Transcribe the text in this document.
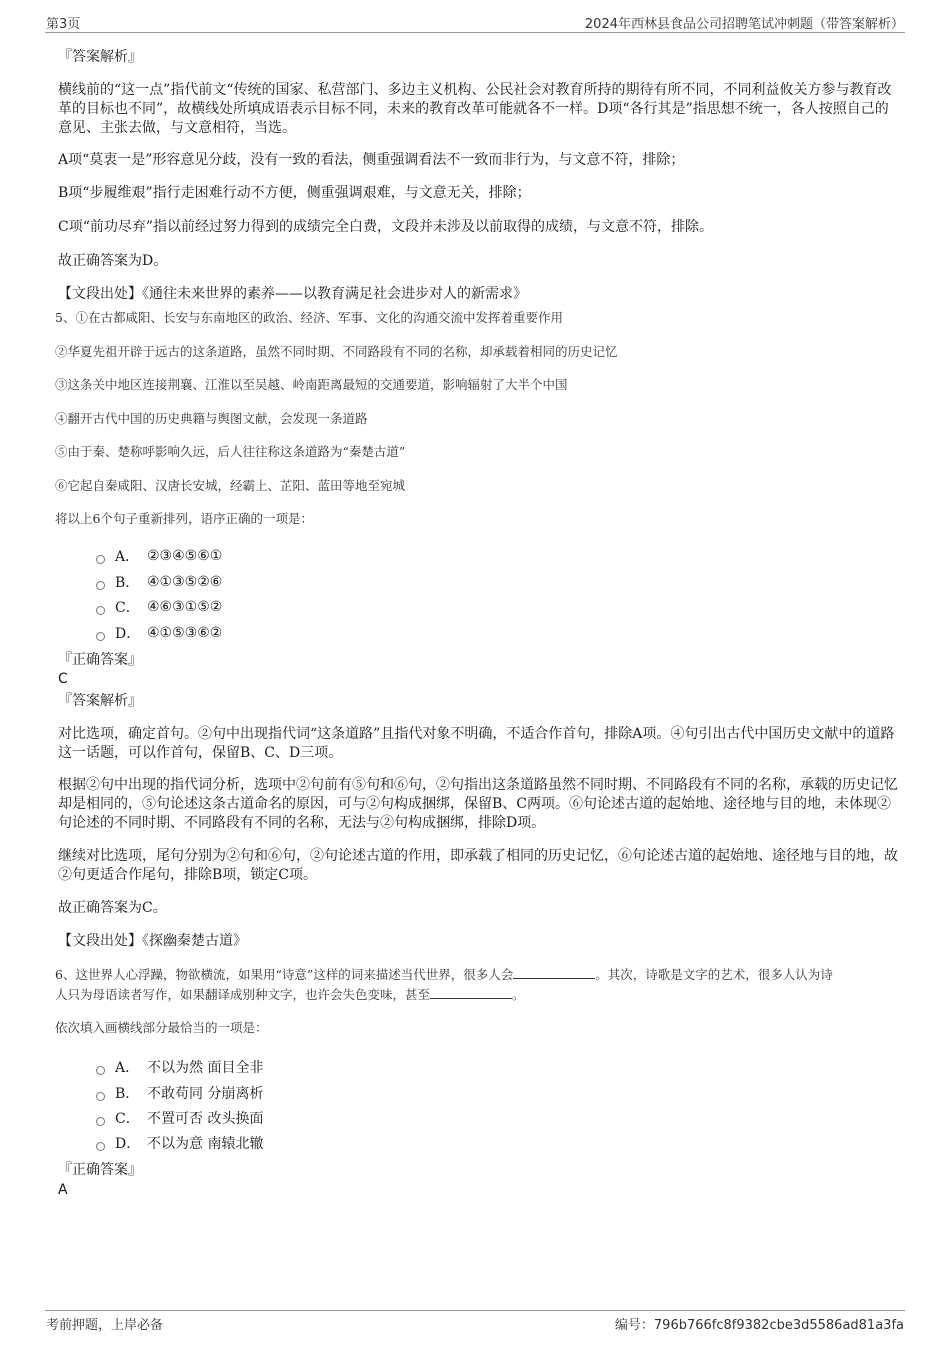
第3页	2024年西林县食品公司招聘笔试冲刺题（带答案解析）
『答案解析』
横线前的“这一点”指代前文“传统的国家、私营部门、多边主义机构、公民社会对教育所持的期待有所不同，不同利益攸关方参与教育改革的目标也不同”，故横线处所填成语表示目标不同，未来的教育改革可能就各不一样。D项“各行其是”指思想不统一，各人按照自己的意见、主张去做，与文意相符，当选。
A项“莫衷一是”形容意见分歧，没有一致的看法，侧重强调看法不一致而非行为，与文意不符，排除；
B项“步履维艰”指行走困难行动不方便，侧重强调艰难，与文意无关，排除；
C项“前功尽弃”指以前经过努力得到的成绩完全白费，文段并未涉及以前取得的成绩，与文意不符，排除。
故正确答案为D。
【文段出处】《通往未来世界的素养——以教育满足社会进步对人的新需求》
5、①在古都咸阳、长安与东南地区的政治、经济、军事、文化的沟通交流中发挥着重要作用
②华夏先祖开辟于远古的这条道路，虽然不同时期、不同路段有不同的名称，却承载着相同的历史记忆
③这条关中地区连接荆襄、江淮以至吴越、岭南距离最短的交通要道，影响辐射了大半个中国
④翻开古代中国的历史典籍与舆图文献，会发现一条道路
⑤由于秦、楚称呼影响久远，后人往往称这条道路为“秦楚古道”
⑥它起自秦咸阳、汉唐长安城，经霸上、芷阳、蓝田等地至宛城
将以上6个句子重新排列，语序正确的一项是：
A． ②③④⑤⑥①
B． ④①③⑤②⑥
C． ④⑥③①⑤②
D． ④①⑤③⑥②
『正确答案』
C
『答案解析』
对比选项，确定首句。②句中出现指代词“这条道路”且指代对象不明确，不适合作首句，排除A项。④句引出古代中国历史文献中的道路这一话题，可以作首句，保留B、C、D三项。
根据②句中出现的指代词分析，选项中②句前有⑤句和⑥句，②句指出这条道路虽然不同时期、不同路段有不同的名称，承载的历史记忆却是相同的，⑤句论述这条古道命名的原因，可与②句构成捆绑，保留B、C两项。⑥句论述古道的起始地、途径地与目的地，未体现②句论述的不同时期、不同路段有不同的名称，无法与②句构成捆绑，排除D项。
继续对比选项，尾句分别为②句和⑥句，②句论述古道的作用，即承载了相同的历史记忆，⑥句论述古道的起始地、途径地与目的地，故②句更适合作尾句，排除B项，锁定C项。
故正确答案为C。
【文段出处】《探幽秦楚古道》
6、这世界人心浮躁，物欲横流，如果用“诗意”这样的词来描述当代世界，很多人会	。其次，诗歌是文字的艺术，很多人认为诗
人只为母语读者写作，如果翻译成别种文字，也许会失色变味，甚至	。
依次填入画横线部分最恰当的一项是：
A． 不以为然 面目全非
B． 不敢苟同 分崩离析
C． 不置可否 改头换面
D． 不以为意 南辕北辙
『正确答案』
A
考前押题，上岸必备	编号：796b766fc8f9382cbe3d5586ad81a3fa
